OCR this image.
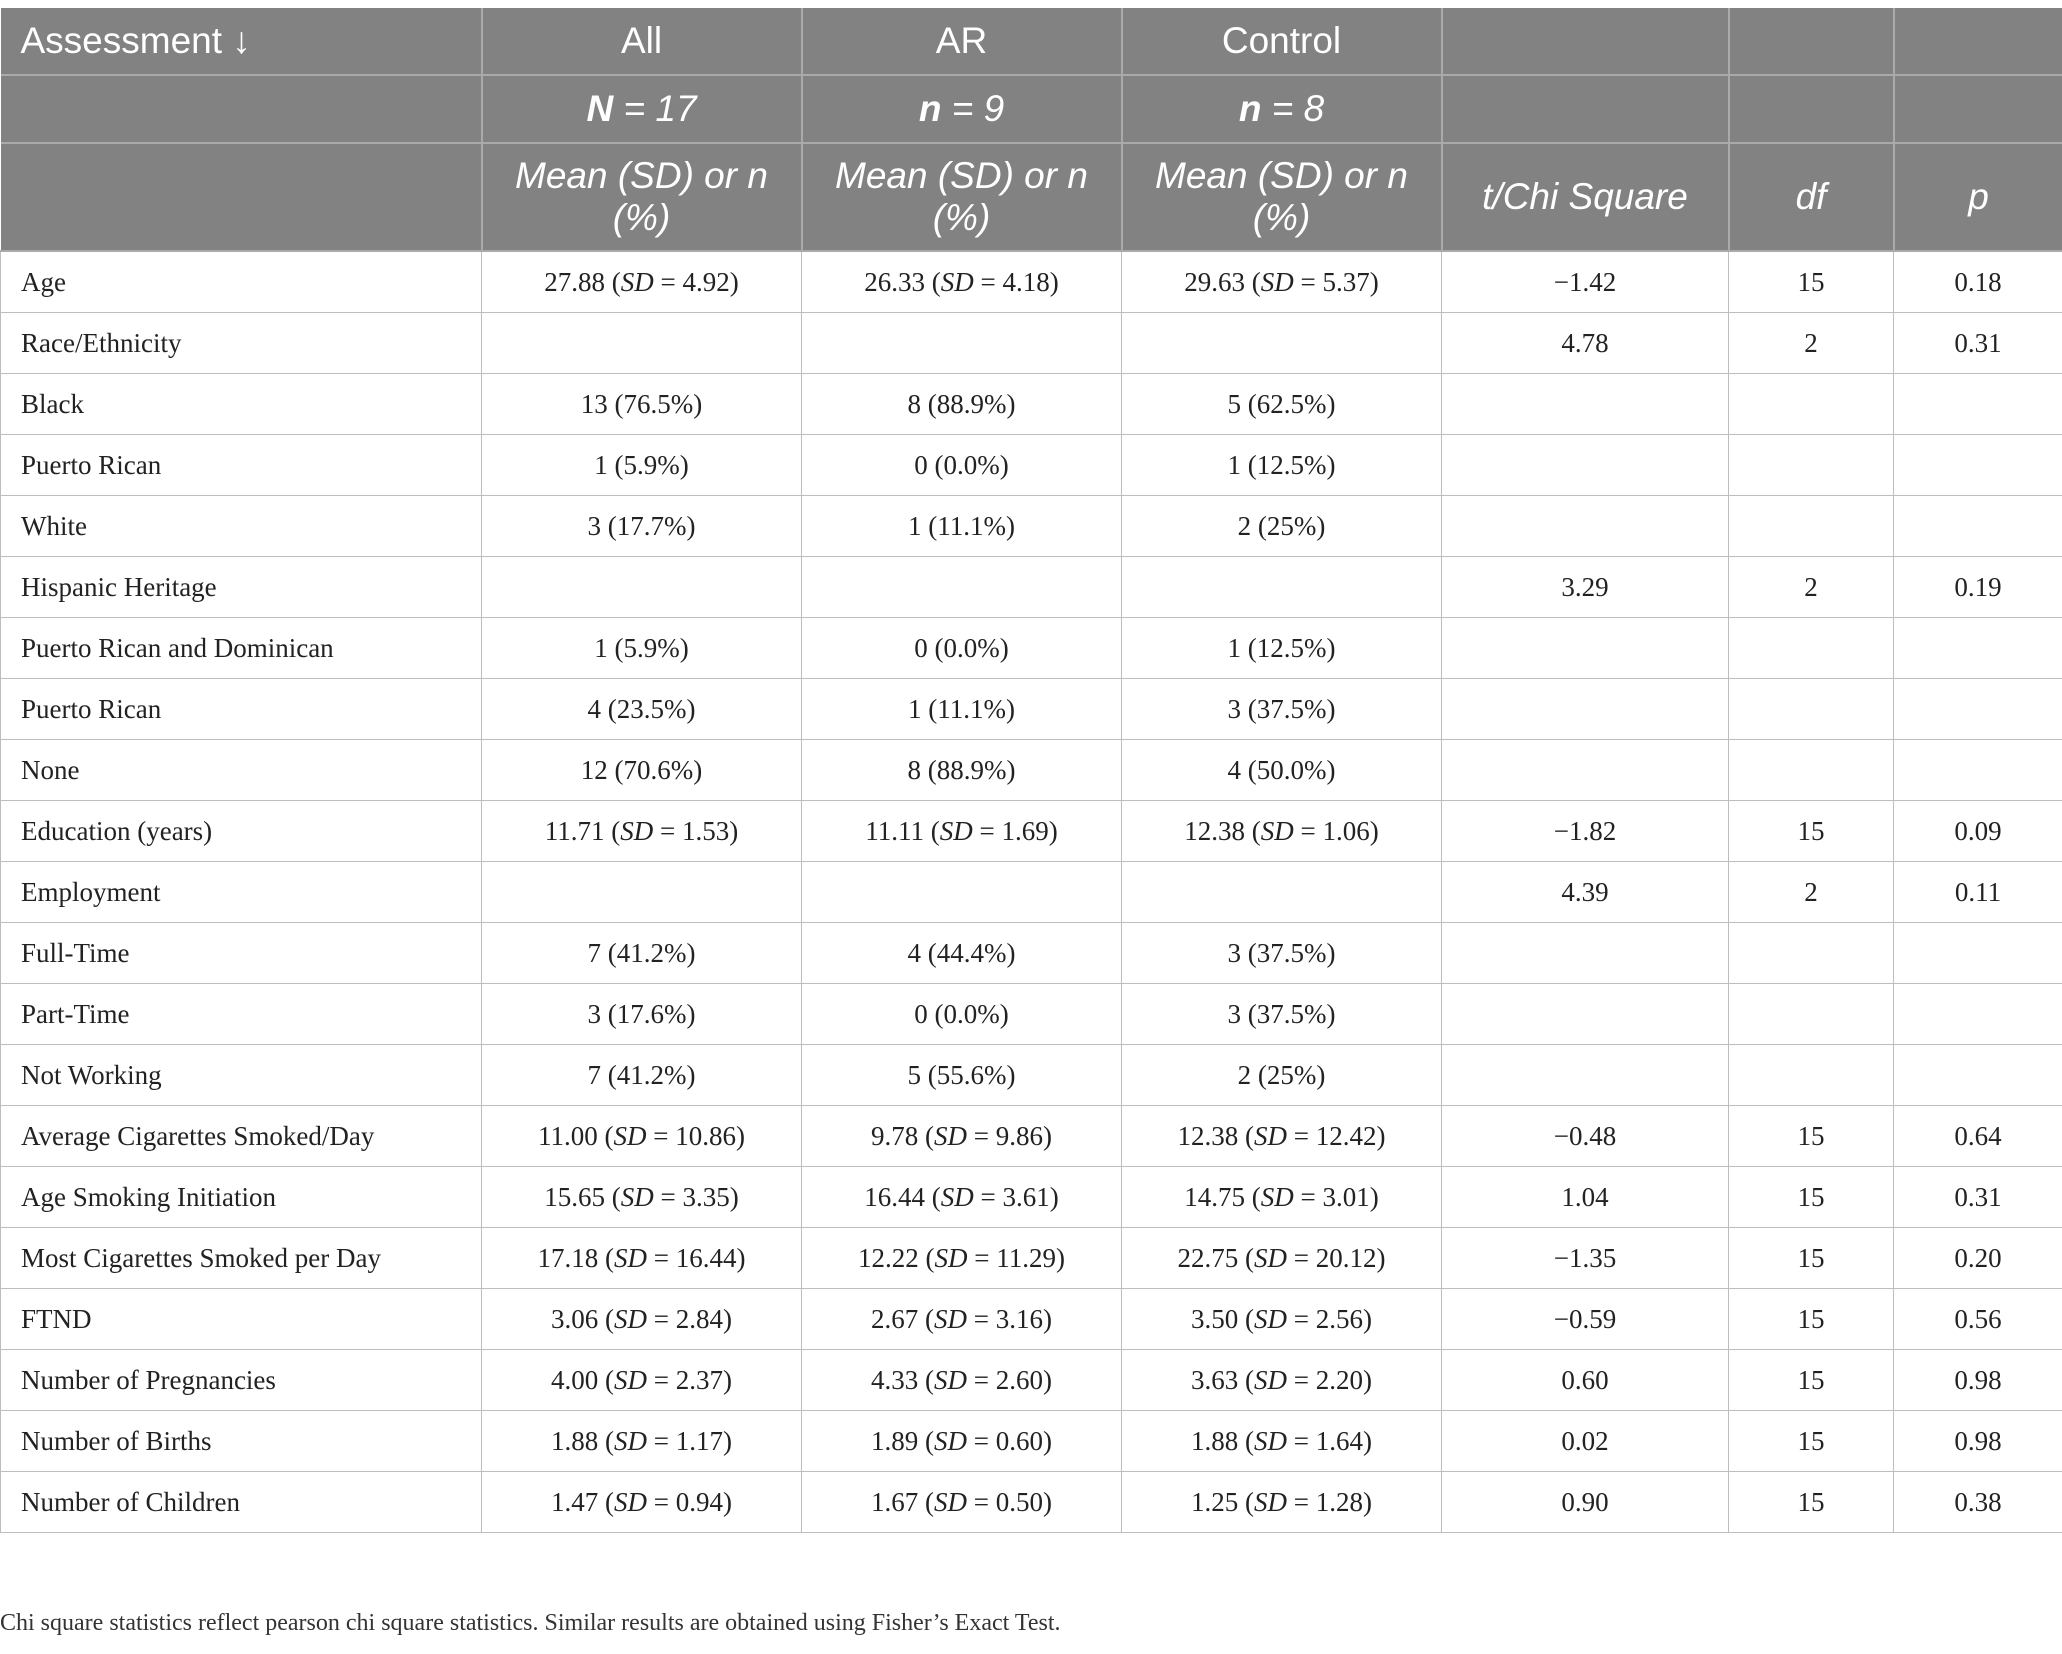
Assessment ↓	All	AR	Control			
	N = 17	n = 9	n = 8			
	Mean (SD) or n (%)	Mean (SD) or n (%)	Mean (SD) or n (%)	t/Chi Square	df	p
Age	27.88 (SD = 4.92)	26.33 (SD = 4.18)	29.63 (SD = 5.37)	−1.42	15	0.18
Race/Ethnicity				4.78	2	0.31
Black	13 (76.5%)	8 (88.9%)	5 (62.5%)			
Puerto Rican	1 (5.9%)	0 (0.0%)	1 (12.5%)			
White	3 (17.7%)	1 (11.1%)	2 (25%)			
Hispanic Heritage				3.29	2	0.19
Puerto Rican and Dominican	1 (5.9%)	0 (0.0%)	1 (12.5%)			
Puerto Rican	4 (23.5%)	1 (11.1%)	3 (37.5%)			
None	12 (70.6%)	8 (88.9%)	4 (50.0%)			
Education (years)	11.71 (SD = 1.53)	11.11 (SD = 1.69)	12.38 (SD = 1.06)	−1.82	15	0.09
Employment				4.39	2	0.11
Full-Time	7 (41.2%)	4 (44.4%)	3 (37.5%)			
Part-Time	3 (17.6%)	0 (0.0%)	3 (37.5%)			
Not Working	7 (41.2%)	5 (55.6%)	2 (25%)			
Average Cigarettes Smoked/Day	11.00 (SD = 10.86)	9.78 (SD = 9.86)	12.38 (SD = 12.42)	−0.48	15	0.64
Age Smoking Initiation	15.65 (SD = 3.35)	16.44 (SD = 3.61)	14.75 (SD = 3.01)	1.04	15	0.31
Most Cigarettes Smoked per Day	17.18 (SD = 16.44)	12.22 (SD = 11.29)	22.75 (SD = 20.12)	−1.35	15	0.20
FTND	3.06 (SD = 2.84)	2.67 (SD = 3.16)	3.50 (SD = 2.56)	−0.59	15	0.56
Number of Pregnancies	4.00 (SD = 2.37)	4.33 (SD = 2.60)	3.63 (SD = 2.20)	0.60	15	0.98
Number of Births	1.88 (SD = 1.17)	1.89 (SD = 0.60)	1.88 (SD = 1.64)	0.02	15	0.98
Number of Children	1.47 (SD = 0.94)	1.67 (SD = 0.50)	1.25 (SD = 1.28)	0.90	15	0.38
Chi square statistics reflect pearson chi square statistics. Similar results are obtained using Fisher’s Exact Test.
